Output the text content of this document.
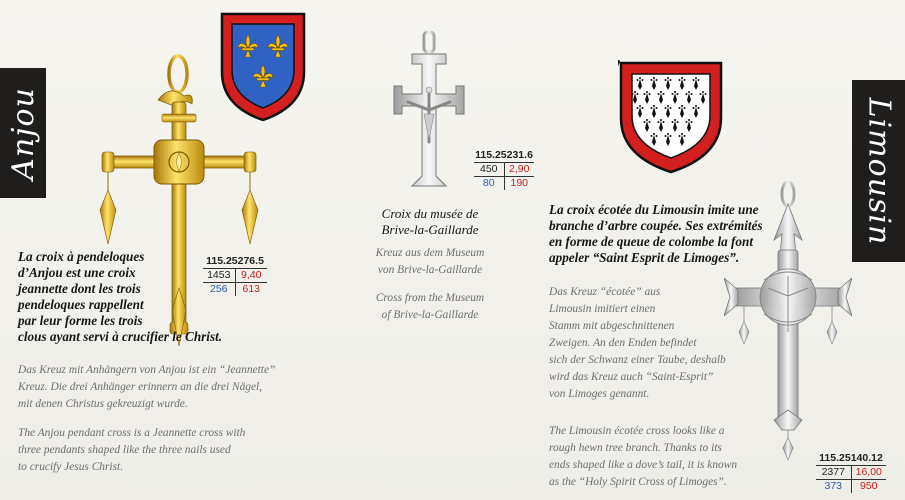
Anjou
115.25276.5
1453	9,40
256	613
La croix à pendeloques
d’Anjou est une croix
jeannette dont les trois
pendeloques rappellent
par leur forme les trois
clous ayant servi à crucifier le Christ.
Das Kreuz mit Anhängern von Anjou ist ein “Jeannette”
Kreuz. Die drei Anhänger erinnern an die drei Nägel,
mit denen Christus gekreuzigt wurde.
The Anjou pendant cross is a Jeannette cross with
three pendants shaped like the three nails used
to crucify Jesus Christ.
115.25231.6
450	2,90
80	190
Croix du musée de
Brive-la-Gaillarde
Kreuz aus dem Museum
von Brive-la-Gaillarde
Cross from the Museum
of Brive-la-Gaillarde
Limousin
115.25140.12
2377	16,00
373	950
La croix écotée du Limousin imite une
branche d’arbre coupée. Ses extrémités
en forme de queue de colombe la font
appeler “Saint Esprit de Limoges”.
Das Kreuz “écotée” aus
Limousin imitiert einen
Stamm mit abgeschnittenen
Zweigen. An den Enden befindet
sich der Schwanz einer Taube, deshalb
wird das Kreuz auch “Saint-Esprit”
von Limoges genannt.
The Limousin écotée cross looks like a
rough hewn tree branch. Thanks to its
ends shaped like a dove’s tail, it is known
as the “Holy Spirit Cross of Limoges”.
